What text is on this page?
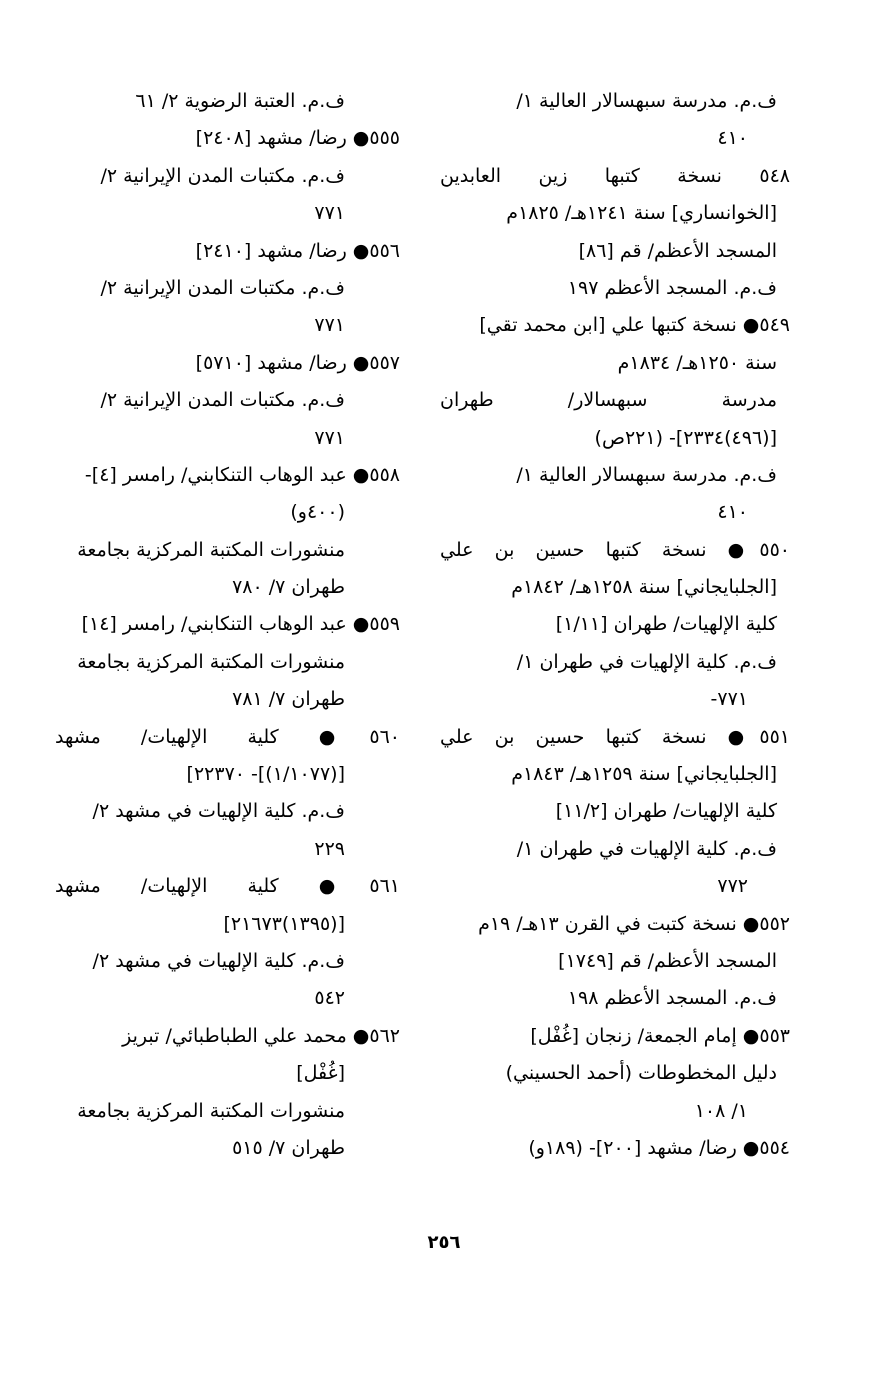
ف.م. مدرسة سبهسالار العالية ١/
٤١٠
٥٤٨ نسخة كتبها زين العابدين
[الخوانساري] سنة ١٢٤١هـ/ ١٨٢٥م
المسجد الأعظم/ قم [٨٦]
ف.م. المسجد الأعظم ١٩٧
٥٤٩● نسخة كتبها علي [ابن محمد تقي]
سنة ١٢٥٠هـ/ ١٨٣٤م
مدرسة سبهسالار/ طهران
[(٤٩٦)٢٣٣٤]- (٢٢١ص)
ف.م. مدرسة سبهسالار العالية ١/
٤١٠
٥٥٠● نسخة كتبها حسين بن علي
[الجلبايجاني] سنة ١٢٥٨هـ/ ١٨٤٢م
كلية الإلهيات/ طهران [١/١١]
ف.م. كلية الإلهيات في طهران ١/
٧٧١-
٥٥١● نسخة كتبها حسين بن علي
[الجلبايجاني] سنة ١٢٥٩هـ/ ١٨٤٣م
كلية الإلهيات/ طهران [١١/٢]
ف.م. كلية الإلهيات في طهران ١/
٧٧٢
٥٥٢● نسخة كتبت في القرن ١٣هـ/ ١٩م
المسجد الأعظم/ قم [١٧٤٩]
ف.م. المسجد الأعظم ١٩٨
٥٥٣● إمام الجمعة/ زنجان [غُفْل]
دليل المخطوطات (أحمد الحسيني)
١/ ١٠٨
٥٥٤● رضا/ مشهد [٢٠٠]- (١٨٩و)
ف.م. العتبة الرضوية ٢/ ٦١
٥٥٥● رضا/ مشهد [٢٤٠٨]
ف.م. مكتبات المدن الإيرانية ٢/
٧٧١
٥٥٦● رضا/ مشهد [٢٤١٠]
ف.م. مكتبات المدن الإيرانية ٢/
٧٧١
٥٥٧● رضا/ مشهد [٥٧١٠]
ف.م. مكتبات المدن الإيرانية ٢/
٧٧١
٥٥٨● عبد الوهاب التنكابني/ رامسر [٤]-
(٤٠٠و)
منشورات المكتبة المركزية بجامعة
طهران ٧/ ٧٨٠
٥٥٩● عبد الوهاب التنكابني/ رامسر [١٤]
منشورات المكتبة المركزية بجامعة
طهران ٧/ ٧٨١
٥٦٠● كلية الإلهيات/ مشهد
[(١/١٠٧٧)]- ٢٢٣٧٠]
ف.م. كلية الإلهيات في مشهد ٢/
٢٢٩
٥٦١● كلية الإلهيات/ مشهد
[(١٣٩٥)٢١٦٧٣]
ف.م. كلية الإلهيات في مشهد ٢/
٥٤٢
٥٦٢● محمد علي الطباطبائي/ تبريز
[غُفْل]
منشورات المكتبة المركزية بجامعة
طهران ٧/ ٥١٥
٢٥٦
